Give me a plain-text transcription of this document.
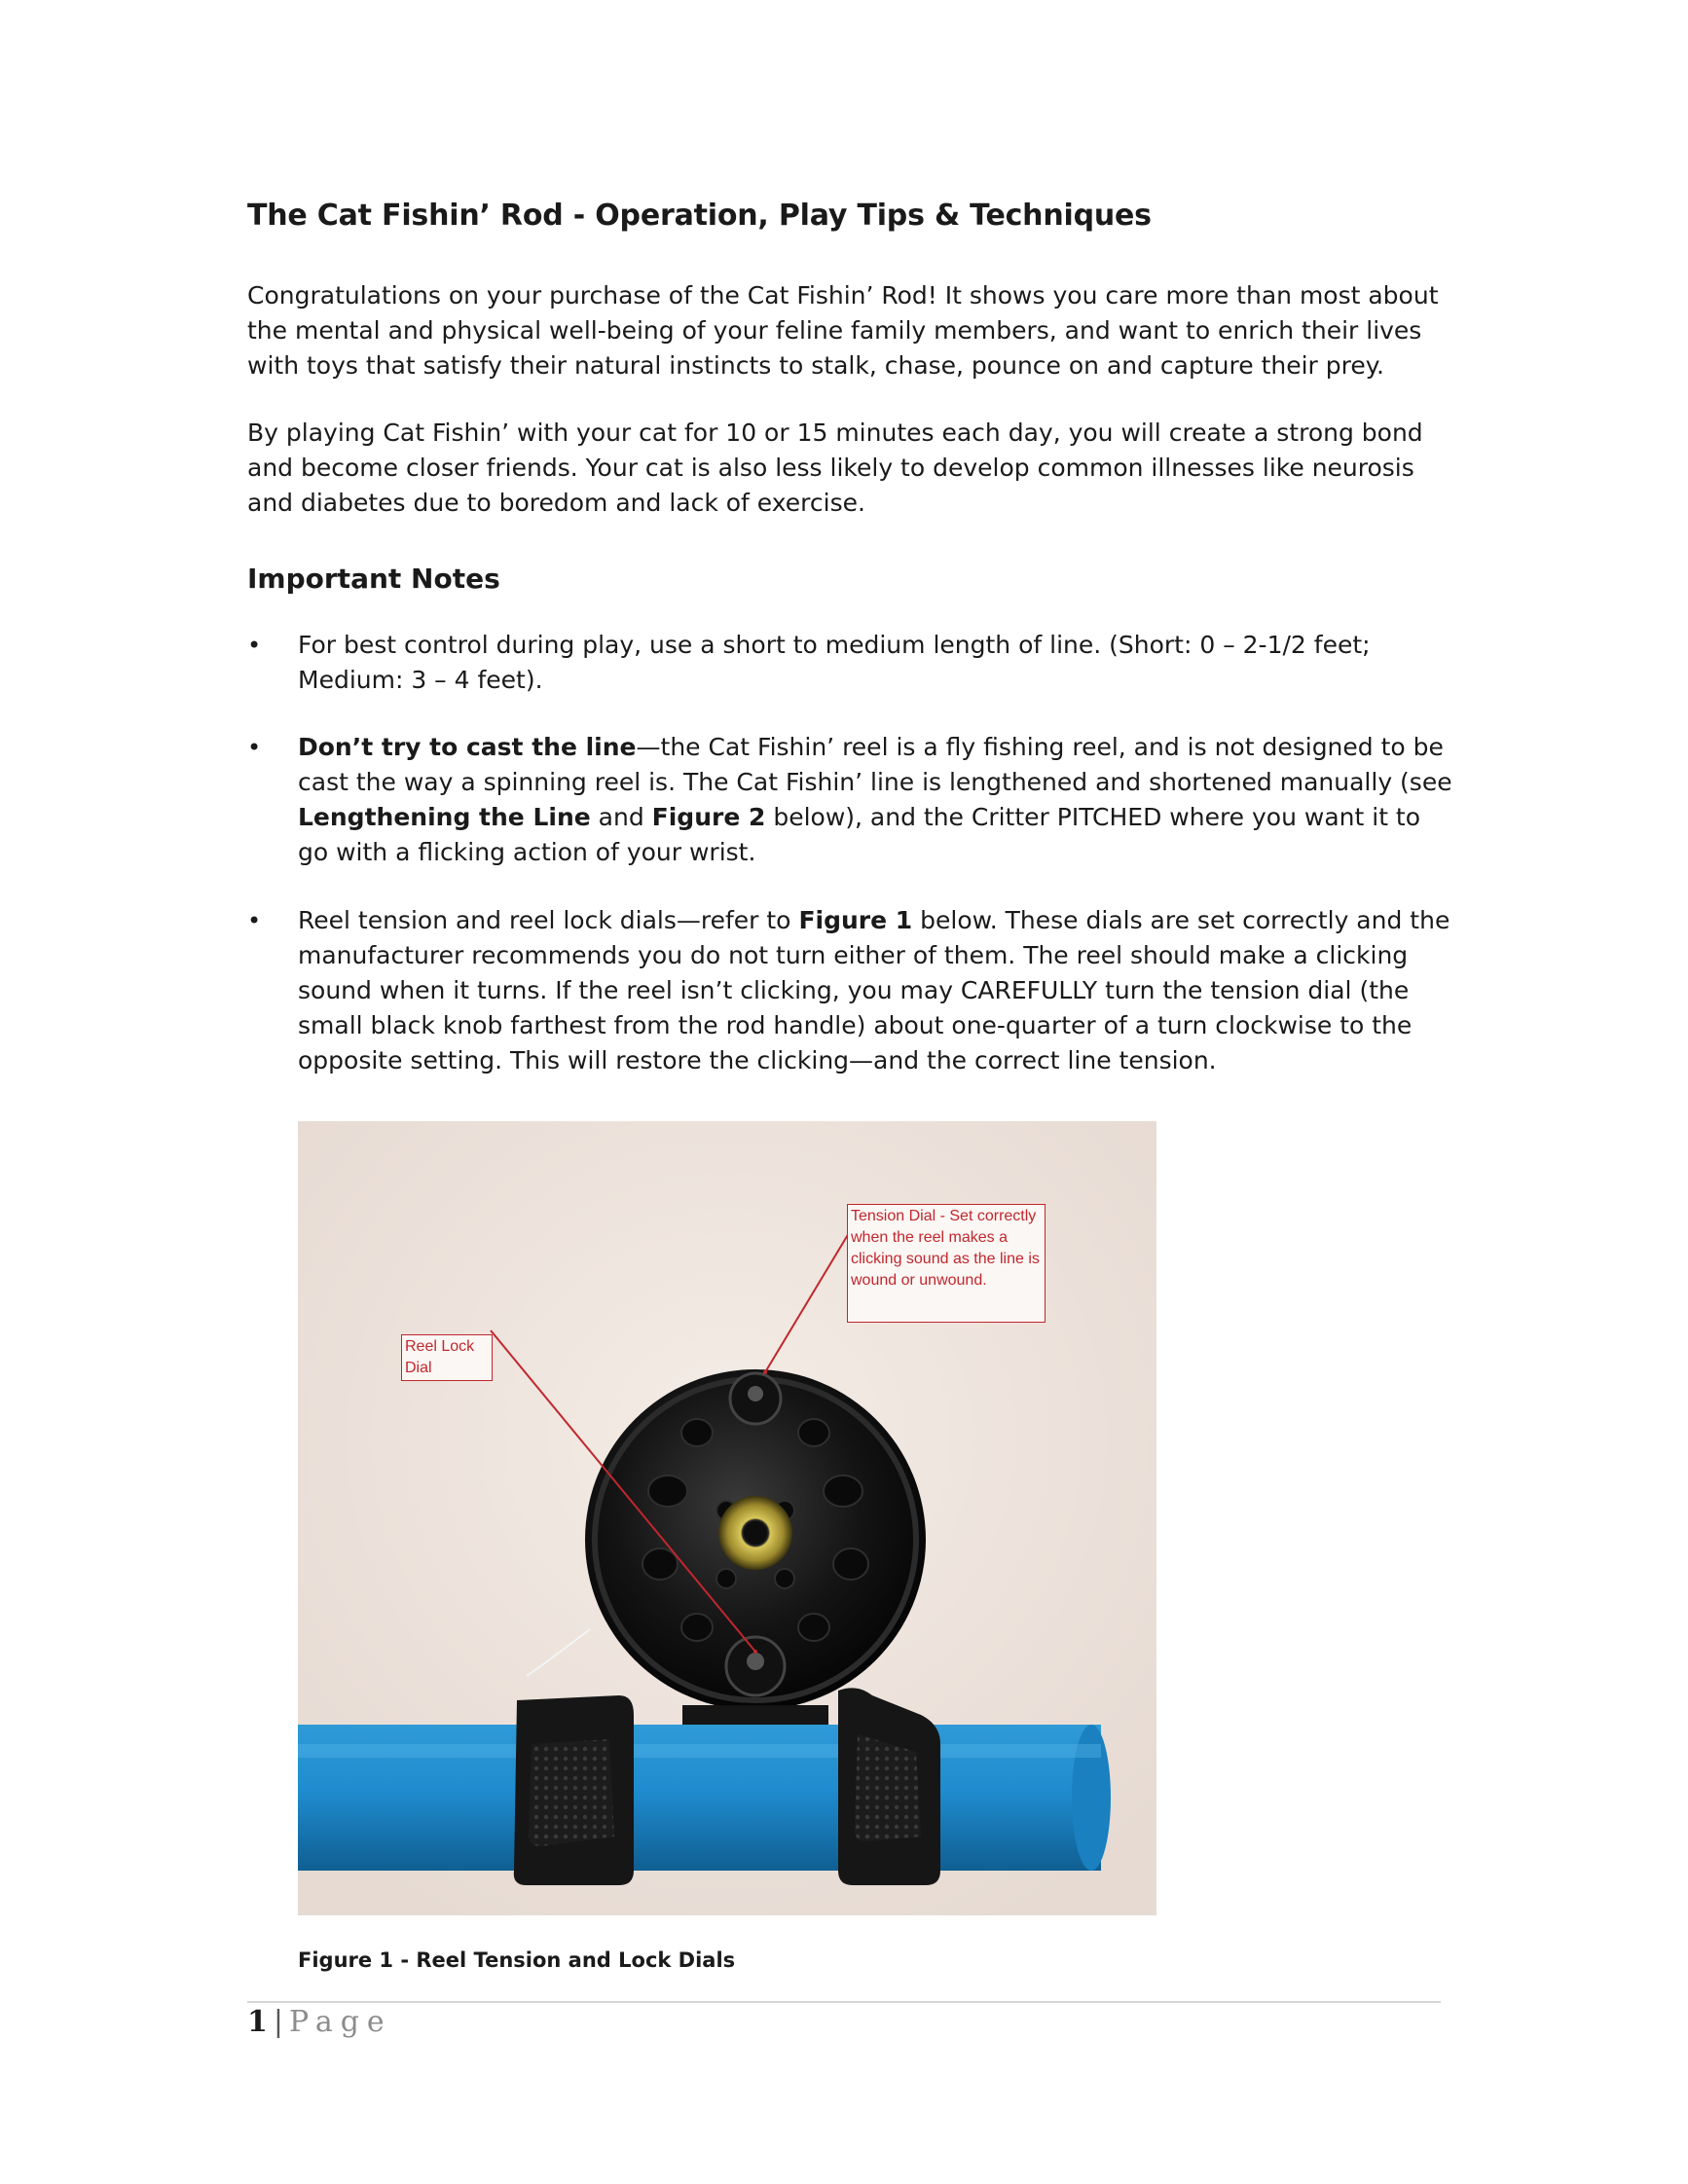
The Cat Fishin’ Rod - Operation, Play Tips & Techniques

Congratulations on your purchase of the Cat Fishin’ Rod! It shows you care more than most about the mental and physical well-being of your feline family members, and want to enrich their lives with toys that satisfy their natural instincts to stalk, chase, pounce on and capture their prey.

By playing Cat Fishin’ with your cat for 10 or 15 minutes each day, you will create a strong bond and become closer friends. Your cat is also less likely to develop common illnesses like neurosis and diabetes due to boredom and lack of exercise.

Important Notes
•	For best control during play, use a short to medium length of line. (Short: 0 – 2-1/2 feet; Medium: 3 – 4 feet).
•	Don’t try to cast the line—the Cat Fishin’ reel is a fly fishing reel, and is not designed to be cast the way a spinning reel is. The Cat Fishin’ line is lengthened and shortened manually (see Lengthening the Line and Figure 2 below), and the Critter PITCHED where you want it to go with a flicking action of your wrist.
•	Reel tension and reel lock dials—refer to Figure 1 below. These dials are set correctly and the manufacturer recommends you do not turn either of them. The reel should make a clicking sound when it turns. If the reel isn’t clicking, you may CAREFULLY turn the tension dial (the small black knob farthest from the rod handle) about one-quarter of a turn clockwise to the opposite setting. This will restore the clicking—and the correct line tension.
Tension Dial - Set correctly when the reel makes a clicking sound as the line is wound or unwound.
Reel Lock Dial
Figure 1 - Reel Tension and Lock Dials
1 | Page
